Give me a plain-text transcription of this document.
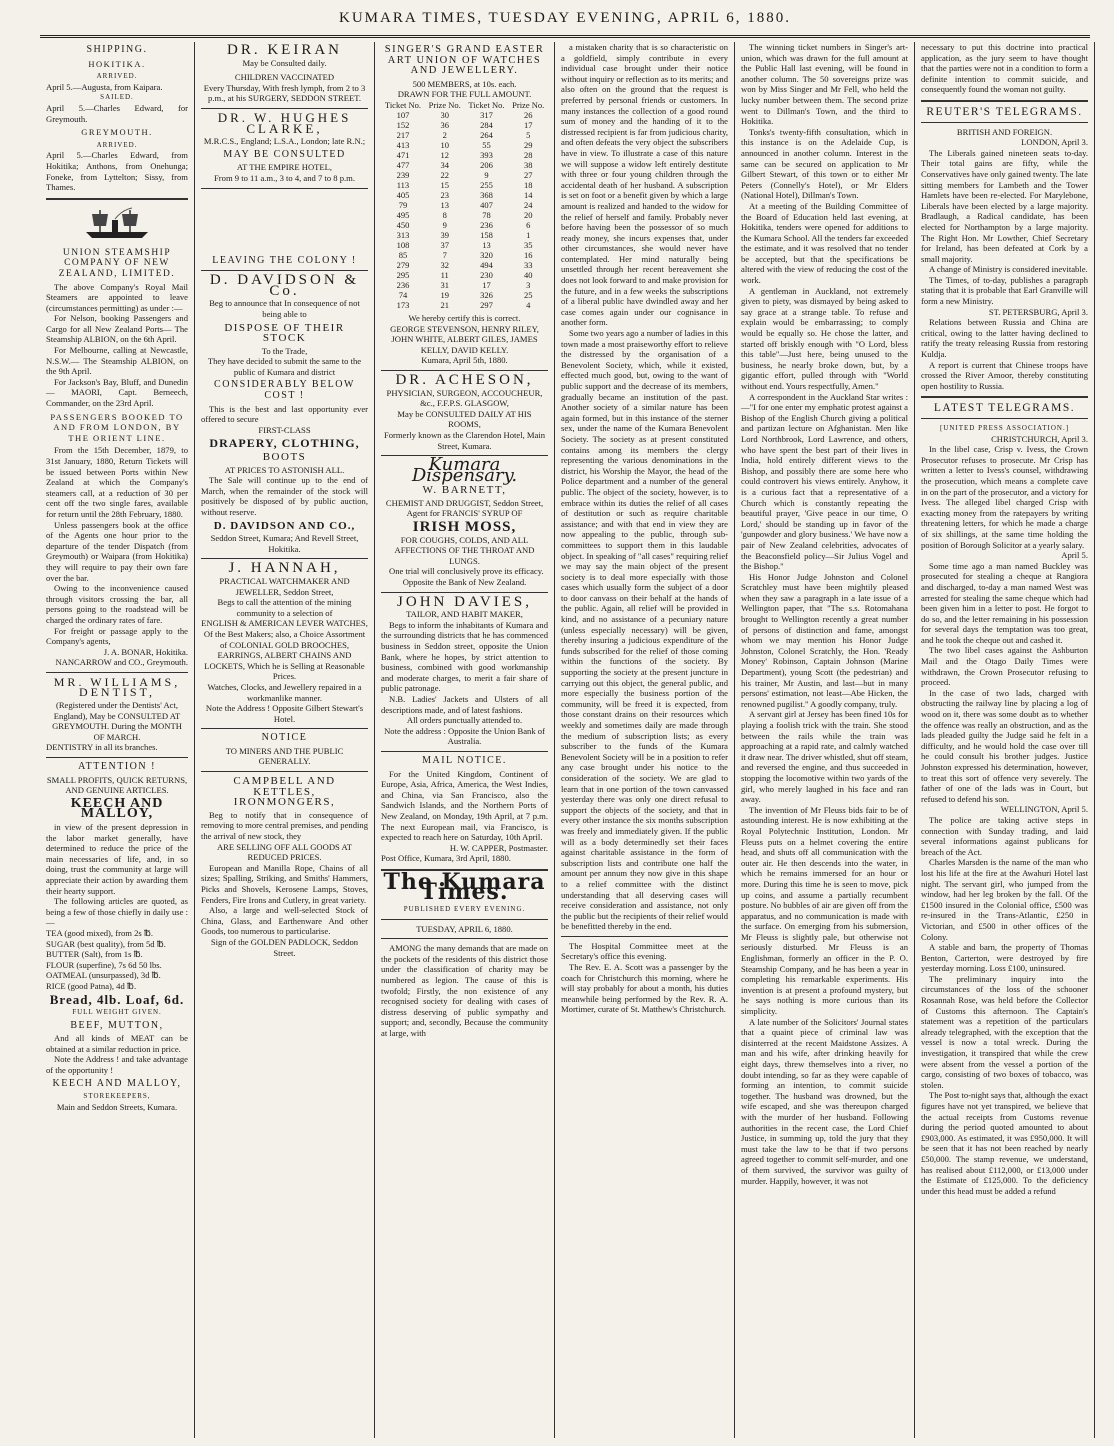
KUMARA TIMES, TUESDAY EVENING, APRIL 6, 1880.
SHIPPING.
HOKITIKA.
ARRIVED.

April 5.—Augusta, from Kaipara.

SAILED.

April 5.—Charles Edward, for Greymouth.

GREYMOUTH.
ARRIVED.

April 5.—Charles Edward, from Hokitika; Anthons, from Onehunga; Foneke, from Lyttelton; Sissy, from Thames.

UNION STEAMSHIP COMPANY OF NEW ZEALAND, LIMITED.

The above Company's Royal Mail Steamers are appointed to leave (circumstances permitting) as under :—

For Nelson, booking Passengers and Cargo for all New Zealand Ports— The Steamship ALBION, on the 6th April.

For Melbourne, calling at Newcastle, N.S.W.— The Steamship ALBION, on the 9th April.

For Jackson's Bay, Bluff, and Dunedin— MAORI, Capt. Berneech, Commander, on the 23rd April.

PASSENGERS BOOKED TO AND FROM LONDON, BY THE ORIENT LINE.

From the 15th December, 1879, to 31st January, 1880, Return Tickets will be issued between Ports within New Zealand at which the Company's steamers call, at a reduction of 30 per cent off the two single fares, available for return until the 28th February, 1880.

Unless passengers book at the office of the Agents one hour prior to the departure of the tender Dispatch (from Greymouth) or Waipara (from Hokitika) they will require to pay their own fare over the bar.

Owing to the inconvenience caused through visitors crossing the bar, all persons going to the roadstead will be charged the ordinary rates of fare.

For freight or passage apply to the Company's agents,

J. A. BONAR, Hokitika.
NANCARROW and CO., Greymouth.
MR. WILLIAMS, DENTIST,
(Registered under the Dentists' Act, England), May be CONSULTED AT GREYMOUTH. During the MONTH OF MARCH.

DENTISTRY in all its branches.

ATTENTION !
SMALL PROFITS, QUICK RETURNS, AND GENUINE ARTICLES.
KEECH AND MALLOY,

in view of the present depression in the labor market generally, have determined to reduce the price of the main necessaries of life, and, in so doing, trust the community at large will appreciate their action by awarding them their hearty support.

The following articles are quoted, as being a few of those chiefly in daily use :—

TEA (good mixed), from 2s ℔.

SUGAR (best quality), from 5d ℔.

BUTTER (Salt), from 1s ℔.

FLOUR (superfine), 7s 6d 50 lbs.

OATMEAL (unsurpassed), 3d ℔.

RICE (good Patna), 4d ℔.

Bread, 4lb. Loaf, 6d.
FULL WEIGHT GIVEN.
BEEF, MUTTON,

And all kinds of MEAT can be obtained at a similar reduction in price.

Note the Address ! and take advantage of the opportunity !

KEECH AND MALLOY,
STOREKEEPERS,
Main and Seddon Streets, Kumara.
DR. KEIRAN
May be Consulted daily.
CHILDREN VACCINATED
Every Thursday, With fresh lymph, from 2 to 3 p.m., at his SURGERY, SEDDON STREET.
DR. W. HUGHES CLARKE,
M.R.C.S., England; L.S.A., London; late R.N.;
MAY BE CONSULTED
AT THE EMPIRE HOTEL,
From 9 to 11 a.m., 3 to 4, and 7 to 8 p.m.
LEAVING THE COLONY !
D. DAVIDSON & Co.
Beg to announce that In consequence of not being able to
DISPOSE OF THEIR STOCK
To the Trade,
They have decided to submit the same to the public of Kumara and district
CONSIDERABLY BELOW COST !

This is the best and last opportunity ever offered to secure

FIRST-CLASS
DRAPERY, CLOTHING,
BOOTS
AT PRICES TO ASTONISH ALL.

The Sale will continue up to the end of March, when the remainder of the stock will positively be disposed of by public auction, without reserve.

D. DAVIDSON AND CO.,
Seddon Street, Kumara; And Revell Street, Hokitika.
J. HANNAH,
PRACTICAL WATCHMAKER AND JEWELLER, Seddon Street,
Begs to call the attention of the mining community to a selection of
ENGLISH & AMERICAN LEVER WATCHES,
Of the Best Makers; also, a Choice Assortment of COLONIAL GOLD BROOCHES, EARRINGS, ALBERT CHAINS AND LOCKETS, Which he is Selling at Reasonable Prices.
Watches, Clocks, and Jewellery repaired in a workmanlike manner.
Note the Address ! Opposite Gilbert Stewart's Hotel.
NOTICE
TO MINERS AND THE PUBLIC GENERALLY.
CAMPBELL AND KETTLES, IRONMONGERS,

Beg to notify that in consequence of removing to more central premises, and pending the arrival of new stock, they

ARE SELLING OFF ALL GOODS AT REDUCED PRICES.

European and Manilla Rope, Chains of all sizes; Spalling, Striking, and Smiths' Hammers, Picks and Shovels, Kerosene Lamps, Stoves, Fenders, Fire Irons and Cutlery, in great variety.

Also, a large and well-selected Stock of China, Glass, and Earthenware And other Goods, too numerous to particularise.

Sign of the GOLDEN PADLOCK, Seddon Street.
SINGER'S GRAND EASTER ART UNION OF WATCHES AND JEWELLERY.
500 MEMBERS, at 10s. each.
DRAWN FOR THE FULL AMOUNT.
Ticket No.	Prize No.	Ticket No.	Prize No.
107	30	317	26
152	36	284	17
217	2	264	5
413	10	55	29
471	12	393	28
477	34	206	38
239	22	9	27
113	15	255	18
405	23	368	14
79	13	407	24
495	8	78	20
450	9	236	6
313	39	158	1
108	37	13	35
85	7	320	16
279	32	494	33
295	11	230	40
236	31	17	3
74	19	326	25
173	21	297	4
We hereby certify this is correct.
GEORGE STEVENSON, HENRY RILEY, JOHN WHITE, ALBERT GILES, JAMES KELLY, DAVID KELLY.
Kumara, April 5th, 1880.
DR. ACHESON,
PHYSICIAN, SURGEON, ACCOUCHEUR, &c., F.F.P.S. GLASGOW,
May be CONSULTED DAILY AT HIS ROOMS,
Formerly known as the Clarendon Hotel, Main Street, Kumara.
Kumara Dispensary.
W. BARNETT,
CHEMIST AND DRUGGIST, Seddon Street, Agent for FRANCIS' SYRUP OF
IRISH MOSS,
FOR COUGHS, COLDS, AND ALL AFFECTIONS OF THE THROAT AND LUNGS.

One trial will conclusively prove its efficacy.

Opposite the Bank of New Zealand.
JOHN DAVIES,
TAILOR, AND HABIT MAKER,

Begs to inform the inhabitants of Kumara and the surrounding districts that he has commenced business in Seddon street, opposite the Union Bank, where he hopes, by strict attention to business, combined with good workmanship and moderate charges, to merit a fair share of public patronage.

N.B. Ladies' Jackets and Ulsters of all descriptions made, and of latest fashions.

All orders punctually attended to.
Note the address : Opposite the Union Bank of Australia.
MAIL NOTICE.

For the United Kingdom, Continent of Europe, Asia, Africa, America, the West Indies, and China, via San Francisco, also the Sandwich Islands, and the Northern Ports of New Zealand, on Monday, 19th April, at 7 p.m. The next European mail, via Francisco, is expected to reach here on Saturday, 10th April.

H. W. CAPPER, Postmaster.

Post Office, Kumara, 3rd April, 1880.

The Kumara Times.
PUBLISHED EVERY EVENING.
TUESDAY, APRIL 6, 1880.

AMONG the many demands that are made on the pockets of the residents of this district those under the classification of charity may be numbered as legion. The cause of this is twofold; Firstly, the non existence of any recognised society for dealing with cases of distress deserving of public sympathy and support; and, secondly, Because the community at large, with

a mistaken charity that is so characteristic on a goldfield, simply contribute in every individual case brought under their notice without inquiry or reflection as to its merits; and also often on the ground that the request is preferred by personal friends or customers. In many instances the collection of a good round sum of money and the handing of it to the distressed recipient is far from judicious charity, and often defeats the very object the subscribers have in view. To illustrate a case of this nature we will suppose a widow left entirely destitute with three or four young children through the accidental death of her husband. A subscription is set on foot or a benefit given by which a large amount is realized and handed to the widow for the relief of herself and family. Probably never before having been the possessor of so much ready money, she incurs expenses that, under other circumstances, she would never have contemplated. Her mind naturally being unsettled through her recent bereavement she does not look forward to and make provision for the future, and in a few weeks the subscriptions of a liberal public have dwindled away and her case comes again under our cognisance in another form.

Some two years ago a number of ladies in this town made a most praiseworthy effort to relieve the distressed by the organisation of a Benevolent Society, which, while it existed, effected much good, but, owing to the want of public support and the decrease of its members, gradually became an institution of the past. Another society of a similar nature has been again formed, but in this instance of the sterner sex, under the name of the Kumara Benevolent Society. The society as at present constituted contains among its members the clergy representing the various denominations in the district, his Worship the Mayor, the head of the Police department and a number of the general public. The object of the society, however, is to embrace within its duties the relief of all cases of destitution or such as require charitable assistance; and with that end in view they are now appealing to the public, through sub-committees to support them in this laudable object. In speaking of "all cases" requiring relief we may say the main object of the present society is to deal more especially with those cases which usually form the subject of a door to door canvass on their behalf at the hands of the public. Again, all relief will be provided in kind, and no assistance of a pecuniary nature (unless especially necessary) will be given, thereby insuring a judicious expenditure of the funds subscribed for the relief of those coming within the functions of the society. By supporting the society at the present juncture in carrying out this object, the general public, and more especially the business portion of the community, will be freed it is expected, from those constant drains on their resources which weekly and sometimes daily are made through the medium of subscription lists; as every subscriber to the funds of the Kumara Benevolent Society will be in a position to refer any case brought under his notice to the consideration of the society. We are glad to learn that in one portion of the town canvassed yesterday there was only one direct refusal to support the objects of the society, and that in every other instance the six months subscription was freely and immediately given. If the public will as a body determinedly set their faces against charitable assistance in the form of subscription lists and contribute one half the amount per annum they now give in this shape to a relief committee with the distinct understanding that all deserving cases will receive consideration and assistance, not only the public but the recipients of their relief would be benefitted thereby in the end.

The Hospital Committee meet at the Secretary's office this evening.

The Rev. E. A. Scott was a passenger by the coach for Christchurch this morning, where he will stay probably for about a month, his duties meanwhile being performed by the Rev. R. A. Mortimer, curate of St. Matthew's Christchurch.

The winning ticket numbers in Singer's art-union, which was drawn for the full amount at the Public Hall last evening, will be found in another column. The 50 sovereigns prize was won by Miss Singer and Mr Fell, who held the lucky number between them. The second prize went to Dillman's Town, and the third to Hokitika.

Tonks's twenty-fifth consultation, which in this instance is on the Adelaide Cup, is announced in another column. Interest in the same can be secured on application to Mr Gilbert Stewart, of this town or to either Mr Peters (Connelly's Hotel), or Mr Elders (National Hotel), Dillman's Town.

At a meeting of the Building Committee of the Board of Education held last evening, at Hokitika, tenders were opened for additions to the Kumara School. All the tenders far exceeded the estimate, and it was resolved that no tender be accepted, but that the specifications be altered with the view of reducing the cost of the work.

A gentleman in Auckland, not extremely given to piety, was dismayed by being asked to say grace at a strange table. To refuse and explain would be embarrassing; to comply would be equally so. He chose the latter, and started off briskly enough with "O Lord, bless this table"—Just here, being unused to the business, he nearly broke down, but, by a gigantic effort, pulled through with "World without end. Yours respectfully, Amen."

A correspondent in the Auckland Star writes :—"I for one enter my emphatic protest against a Bishop of the English Church giving a political and partizan lecture on Afghanistan. Men like Lord Northbrook, Lord Lawrence, and others, who have spent the best part of their lives in India, hold entirely different views to the Bishop, and possibly there are some here who could controvert his views entirely. Anyhow, it is a curious fact that a representative of a Church which is constantly repeating the beautiful prayer, 'Give peace in our time, O Lord,' should be standing up in favor of the 'gunpowder and glory business.' We have now a pair of New Zealand celebrities, advocates of the Beaconsfield policy—Sir Julius Vogel and the Bishop."

His Honor Judge Johnston and Colonel Scratchley must have been mightily pleased when they saw a paragraph in a late issue of a Wellington paper, that "The s.s. Rotomahana brought to Wellington recently a great number of persons of distinction and fame, amongst whom we may mention his Honor Judge Johnston, Colonel Scratchly, the Hon. 'Ready Money' Robinson, Captain Johnson (Marine Department), young Scott (the pedestrian) and his trainer, Mr Austin, and last—but in many persons' estimation, not least—Abe Hicken, the renowned pugilist." A goodly company, truly.

A servant girl at Jersey has been fined 10s for playing a foolish trick with the train. She stood between the rails while the train was approaching at a rapid rate, and calmly watched it draw near. The driver whistled, shut off steam, and reversed the engine, and thus succeeded in stopping the locomotive within two yards of the girl, who merely laughed in his face and ran away.

The invention of Mr Fleuss bids fair to be of astounding interest. He is now exhibiting at the Royal Polytechnic Institution, London. Mr Fleuss puts on a helmet covering the entire head, and shuts off all communication with the outer air. He then descends into the water, in which he remains immersed for an hour or more. During this time he is seen to move, pick up coins, and assume a partially recumbent posture. No bubbles of air are given off from the apparatus, and no communication is made with the surface. On emerging from his submersion, Mr Fleuss is slightly pale, but otherwise not seriously disturbed. Mr Fleuss is an Englishman, formerly an officer in the P. O. Steamship Company, and he has been a year in completing his remarkable experiments. His invention is at present a profound mystery, but he says nothing is more curious than its simplicity.

A late number of the Solicitors' Journal states that a quaint piece of criminal law was disinterred at the recent Maidstone Assizes. A man and his wife, after drinking heavily for eight days, threw themselves into a river, no doubt intending, so far as they were capable of forming an intention, to commit suicide together. The husband was drowned, but the wife escaped, and she was thereupon charged with the murder of her husband. Following authorities in the recent case, the Lord Chief Justice, in summing up, told the jury that they must take the law to be that if two persons agreed together to commit self-murder, and one of them survived, the survivor was guilty of murder. Happily, however, it was not

necessary to put this doctrine into practical application, as the jury seem to have thought that the parties were not in a condition to form a definite intention to commit suicide, and consequently found the woman not guilty.

REUTER'S TELEGRAMS.
BRITISH AND FOREIGN.
LONDON, April 3.

The Liberals gained nineteen seats to-day. Their total gains are fifty, while the Conservatives have only gained twenty. The late sitting members for Lambeth and the Tower Hamlets have been re-elected. For Marylebone, Liberals have been elected by a large majority. Bradlaugh, a Radical candidate, has been elected for Northampton by a large majority. The Right Hon. Mr Lowther, Chief Secretary for Ireland, has been defeated at Cork by a small majority.

A change of Ministry is considered inevitable.

The Times, of to-day, publishes a paragraph stating that it is probable that Earl Granville will form a new Ministry.

ST. PETERSBURG, April 3.

Relations between Russia and China are critical, owing to the latter having declined to ratify the treaty releasing Russia from restoring Kuldja.

A report is current that Chinese troops have crossed the River Amoor, thereby constituting open hostility to Russia.

LATEST TELEGRAMS.
[UNITED PRESS ASSOCIATION.]
CHRISTCHURCH, April 3.

In the libel case, Crisp v. Ivess, the Crown Prosecutor refuses to prosecute. Mr Crisp has written a letter to Ivess's counsel, withdrawing the prosecution, which means a complete cave in on the part of the prosecutor, and a victory for Ivess. The alleged libel charged Crisp with exacting money from the ratepayers by writing threatening letters, for which he made a charge of six shillings, at the same time holding the position of Borough Solicitor at a yearly salary.

April 5.

Some time ago a man named Buckley was prosecuted for stealing a cheque at Rangiora and discharged, to-day a man named West was arrested for stealing the same cheque which had been given him in a letter to post. He forgot to do so, and the letter remaining in his possession for several days the temptation was too great, and he took the cheque out and cashed it.

The two libel cases against the Ashburton Mail and the Otago Daily Times were withdrawn, the Crown Prosecutor refusing to proceed.

In the case of two lads, charged with obstructing the railway line by placing a log of wood on it, there was some doubt as to whether the offence was really an obstruction, and as the lads pleaded guilty the Judge said he felt in a difficulty, and he would hold the case over till he could consult his brother judges. Justice Johnston expressed his determination, however, to treat this sort of offence very severely. The father of one of the lads was in Court, but refused to defend his son.

WELLINGTON, April 5.

The police are taking active steps in connection with Sunday trading, and laid several informations against publicans for breach of the Act.

Charles Marsden is the name of the man who lost his life at the fire at the Awahuri Hotel last night. The servant girl, who jumped from the window, had her leg broken by the fall. Of the £1500 insured in the Colonial office, £500 was re-insured in the Trans-Atlantic, £250 in Victorian, and £500 in other offices of the Colony.

A stable and barn, the property of Thomas Benton, Carterton, were destroyed by fire yesterday morning. Loss £100, uninsured.

The preliminary inquiry into the circumstances of the loss of the schooner Rosannah Rose, was held before the Collector of Customs this afternoon. The Captain's statement was a repetition of the particulars already telegraphed, with the exception that the vessel is now a total wreck. During the investigation, it transpired that while the crew were absent from the vessel a portion of the cargo, consisting of two boxes of tobacco, was stolen.

The Post to-night says that, although the exact figures have not yet transpired, we believe that the actual receipts from Customs revenue during the period quoted amounted to about £903,000. As estimated, it was £950,000. It will be seen that it has not been reached by nearly £50,000. The stamp revenue, we understand, has realised about £112,000, or £13,000 under the Estimate of £125,000. To the deficiency under this head must be added a refund
